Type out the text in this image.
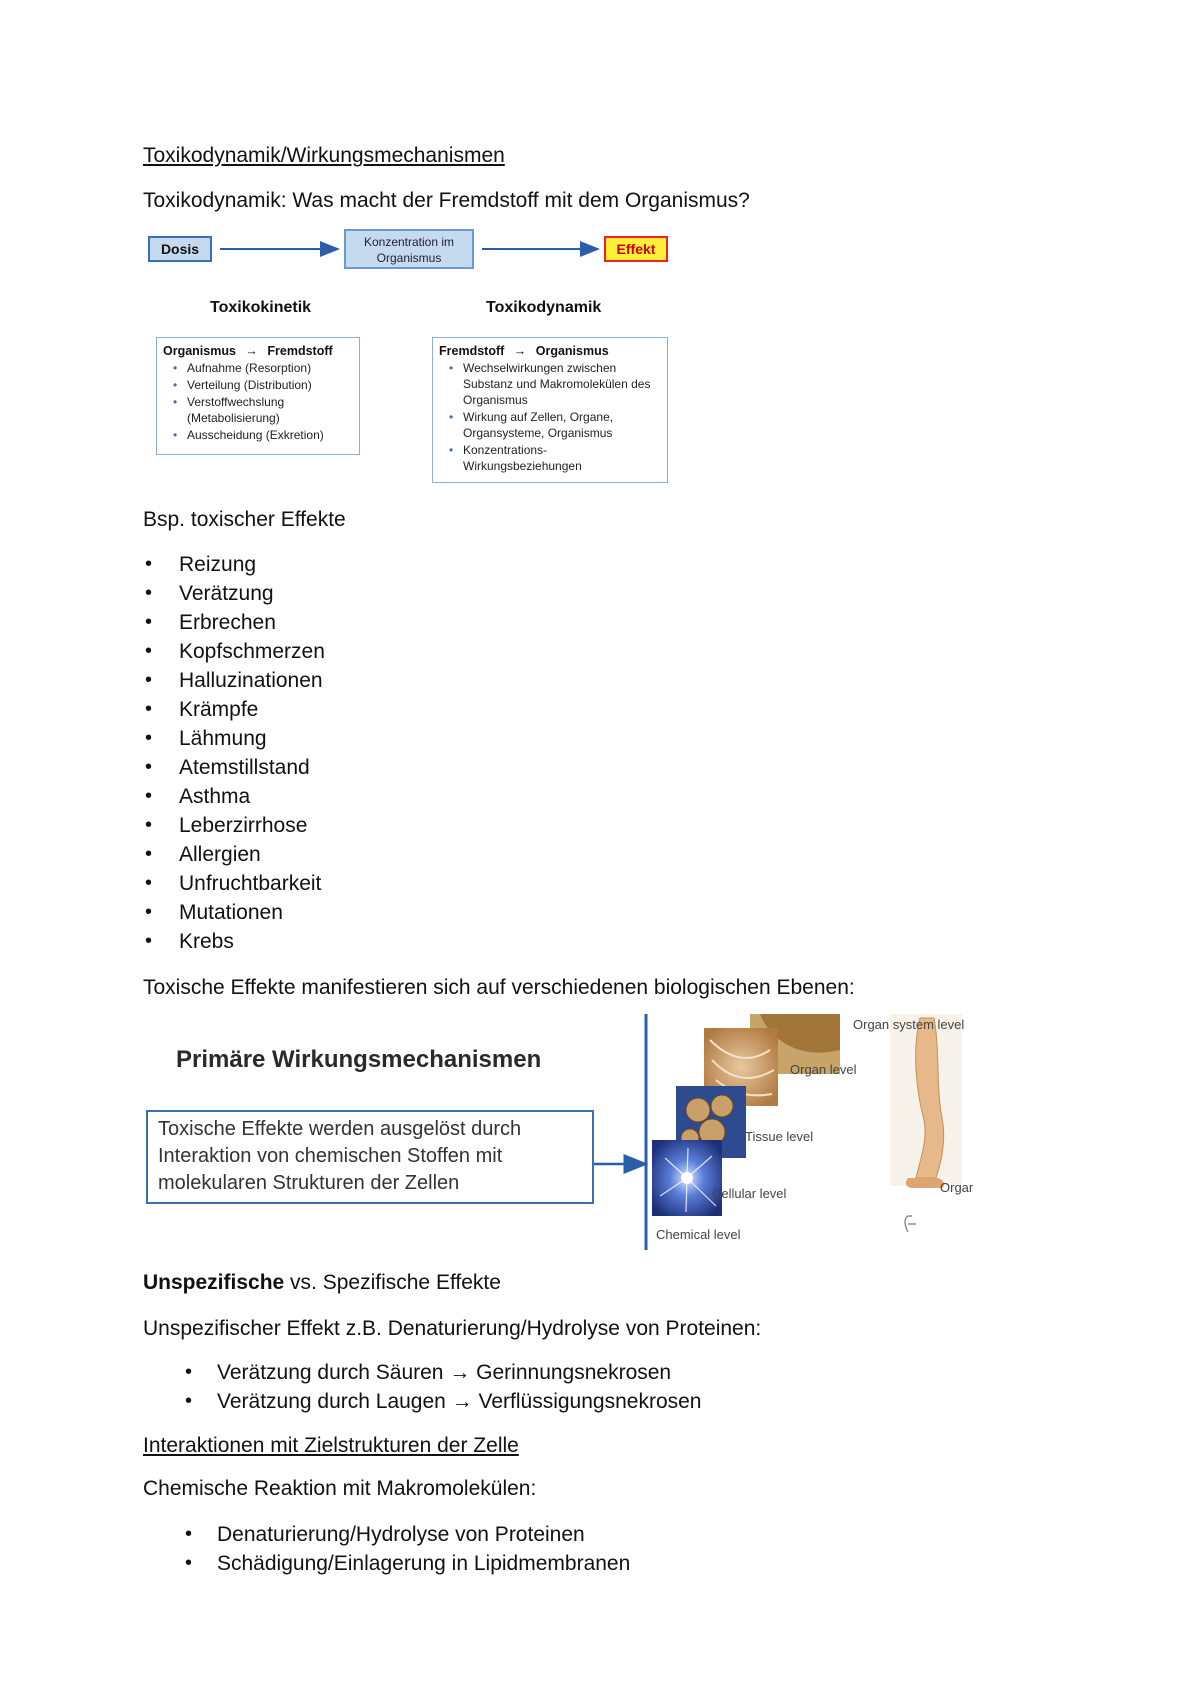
Toxikodynamik/Wirkungsmechanismen
Toxikodynamik: Was macht der Fremdstoff mit dem Organismus?
Dosis	Konzentration im Organismus
Effekt
Toxikokinetik	Toxikodynamik
Organismus → Fremdstoff
• Aufnahme (Resorption)
• Verteilung (Distribution)
• Verstoffwechslung (Metabolisierung)
• Ausscheidung (Exkretion)
Fremdstoff → Organismus
• Wechselwirkungen zwischen Substanz und Makromolekülen des Organismus
• Wirkung auf Zellen, Organe, Organsysteme, Organismus
• Konzentrations-Wirkungsbeziehungen
Bsp. toxischer Effekte
• Reizung
• Verätzung
• Erbrechen
• Kopfschmerzen
• Halluzinationen
• Krämpfe
• Lähmung
• Atemstillstand
• Asthma
• Leberzirrhose
• Allergien
• Unfruchtbarkeit
• Mutationen
• Krebs
Toxische Effekte manifestieren sich auf verschiedenen biologischen Ebenen:
Primäre Wirkungsmechanismen
Toxische Effekte werden ausgelöst durch Interaktion von chemischen Stoffen mit molekularen Strukturen der Zellen
Organ system level
Organ level
Tissue level
Cellular level
Chemical level
Orgar
Unspezifische vs. Spezifische Effekte
Unspezifischer Effekt z.B. Denaturierung/Hydrolyse von Proteinen:
• Verätzung durch Säuren → Gerinnungsnekrosen
• Verätzung durch Laugen → Verflüssigungsnekrosen
Interaktionen mit Zielstrukturen der Zelle
Chemische Reaktion mit Makromolekülen:
• Denaturierung/Hydrolyse von Proteinen
• Schädigung/Einlagerung in Lipidmembranen
